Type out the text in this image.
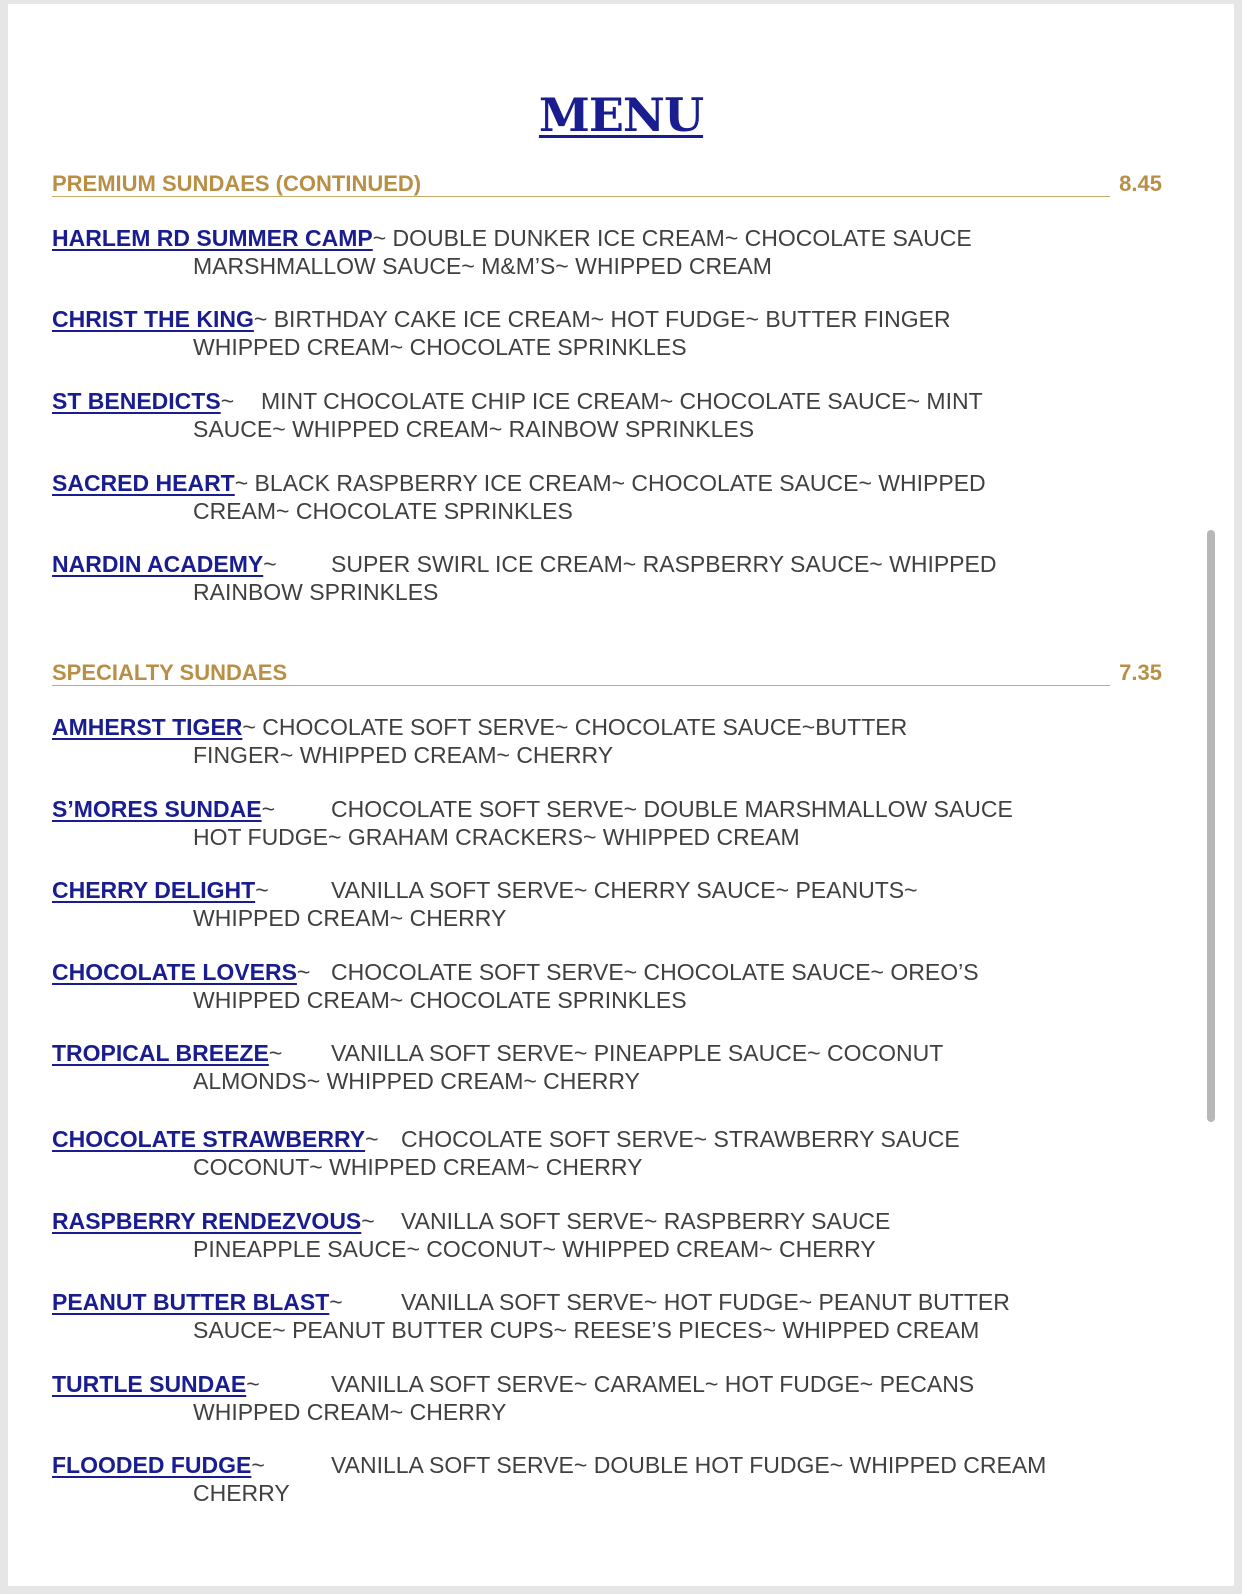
MENU
PREMIUM SUNDAES (CONTINUED)	8.45
HARLEM RD SUMMER CAMP~ DOUBLE DUNKER ICE CREAM~ CHOCOLATE SAUCE
MARSHMALLOW SAUCE~ M&M’S~ WHIPPED CREAM
CHRIST THE KING~ BIRTHDAY CAKE ICE CREAM~ HOT FUDGE~ BUTTER FINGER
WHIPPED CREAM~ CHOCOLATE SPRINKLES
ST BENEDICTS~ MINT CHOCOLATE CHIP ICE CREAM~ CHOCOLATE SAUCE~ MINT
SAUCE~ WHIPPED CREAM~ RAINBOW SPRINKLES
SACRED HEART~ BLACK RASPBERRY ICE CREAM~ CHOCOLATE SAUCE~ WHIPPED
CREAM~ CHOCOLATE SPRINKLES
NARDIN ACADEMY~ SUPER SWIRL ICE CREAM~ RASPBERRY SAUCE~ WHIPPED
RAINBOW SPRINKLES
SPECIALTY SUNDAES	7.35
AMHERST TIGER~ CHOCOLATE SOFT SERVE~ CHOCOLATE SAUCE~BUTTER
FINGER~ WHIPPED CREAM~ CHERRY
S’MORES SUNDAE~ CHOCOLATE SOFT SERVE~ DOUBLE MARSHMALLOW SAUCE
HOT FUDGE~ GRAHAM CRACKERS~ WHIPPED CREAM
CHERRY DELIGHT~	VANILLA SOFT SERVE~ CHERRY SAUCE~ PEANUTS~
WHIPPED CREAM~ CHERRY
CHOCOLATE LOVERS~ CHOCOLATE SOFT SERVE~ CHOCOLATE SAUCE~ OREO’S
WHIPPED CREAM~ CHOCOLATE SPRINKLES
TROPICAL BREEZE~ VANILLA SOFT SERVE~ PINEAPPLE SAUCE~ COCONUT
ALMONDS~ WHIPPED CREAM~ CHERRY
CHOCOLATE STRAWBERRY~ CHOCOLATE SOFT SERVE~ STRAWBERRY SAUCE
COCONUT~ WHIPPED CREAM~ CHERRY
RASPBERRY RENDEZVOUS~ VANILLA SOFT SERVE~ RASPBERRY SAUCE
PINEAPPLE SAUCE~ COCONUT~ WHIPPED CREAM~ CHERRY
PEANUT BUTTER BLAST~	VANILLA SOFT SERVE~ HOT FUDGE~ PEANUT BUTTER
SAUCE~ PEANUT BUTTER CUPS~ REESE’S PIECES~ WHIPPED CREAM
TURTLE SUNDAE~	VANILLA SOFT SERVE~ CARAMEL~ HOT FUDGE~ PECANS
WHIPPED CREAM~ CHERRY
FLOODED FUDGE~	VANILLA SOFT SERVE~ DOUBLE HOT FUDGE~ WHIPPED CREAM
CHERRY
